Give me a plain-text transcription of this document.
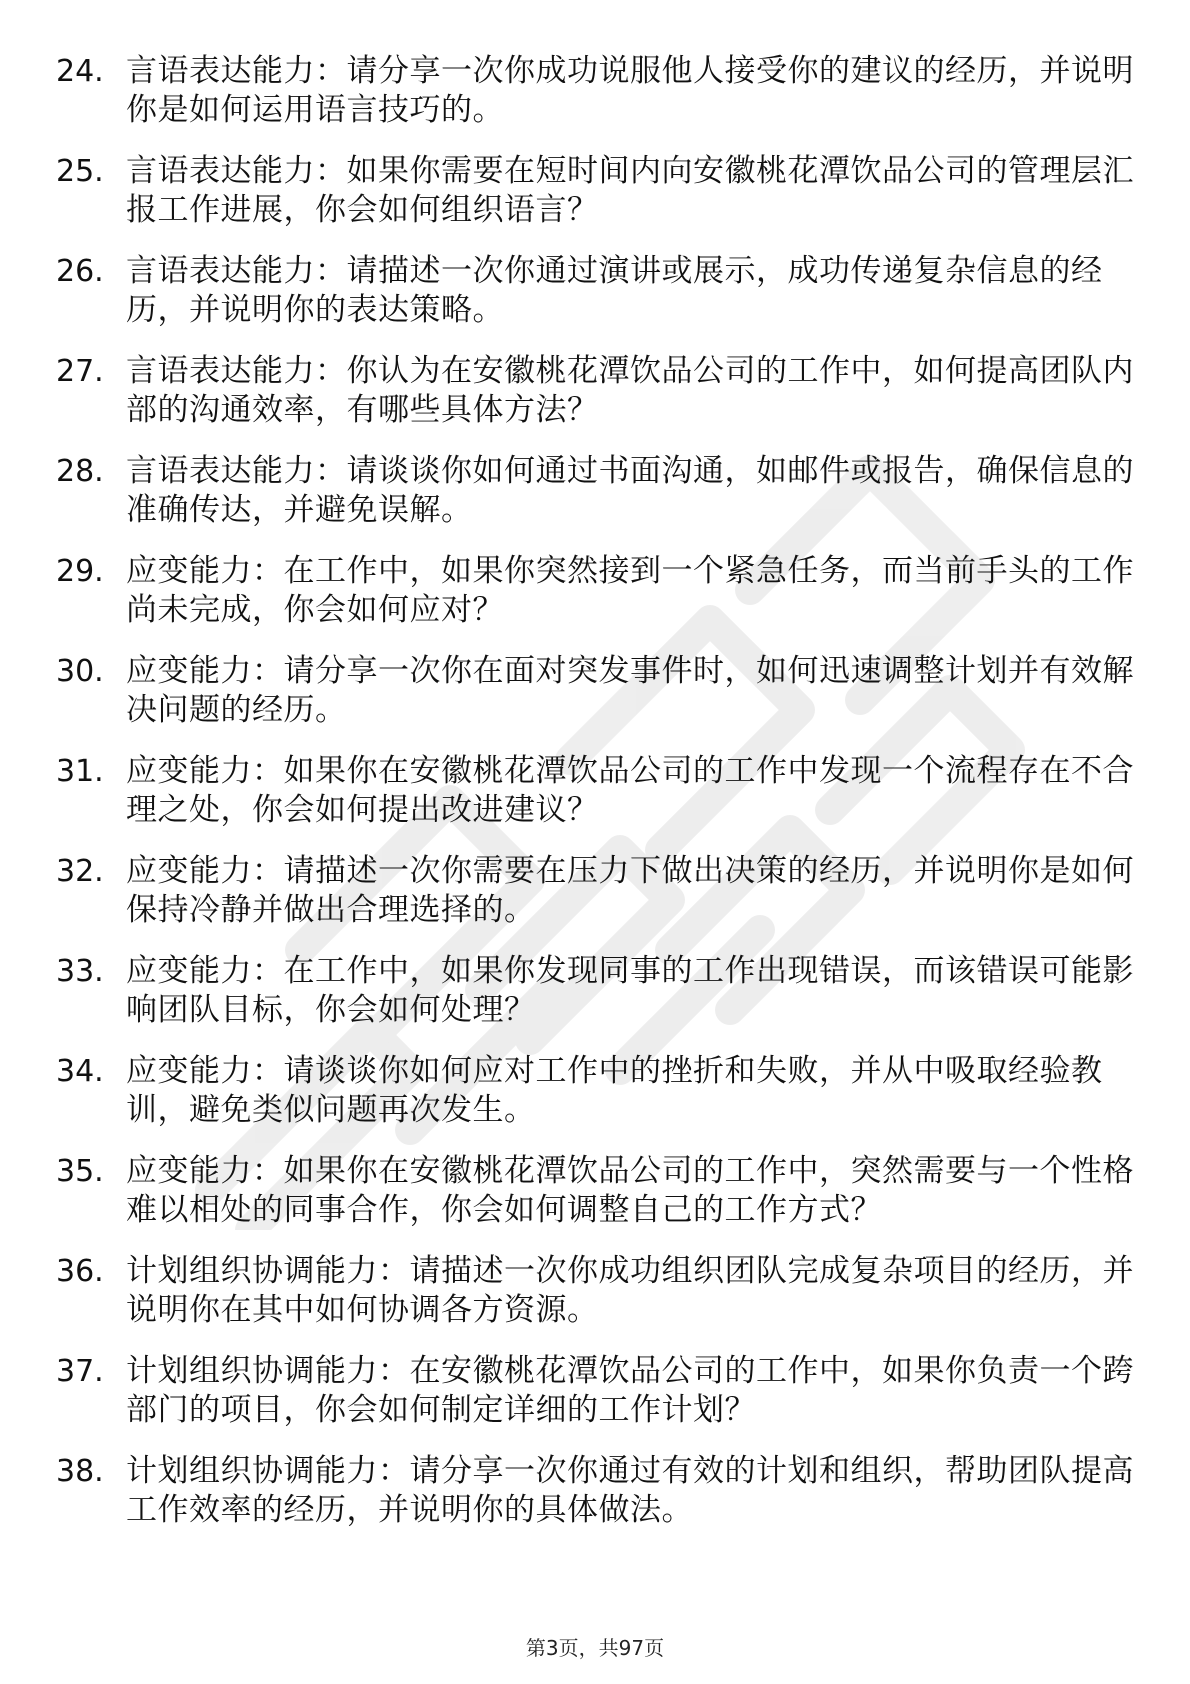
24. 言语表达能力：请分享一次你成功说服他人接受你的建议的经历，并说明你是如何运用语言技巧的。
25. 言语表达能力：如果你需要在短时间内向安徽桃花潭饮品公司的管理层汇报工作进展，你会如何组织语言？
26. 言语表达能力：请描述一次你通过演讲或展示，成功传递复杂信息的经历，并说明你的表达策略。
27. 言语表达能力：你认为在安徽桃花潭饮品公司的工作中，如何提高团队内部的沟通效率，有哪些具体方法？
28. 言语表达能力：请谈谈你如何通过书面沟通，如邮件或报告，确保信息的准确传达，并避免误解。
29. 应变能力：在工作中，如果你突然接到一个紧急任务，而当前手头的工作尚未完成，你会如何应对？
30. 应变能力：请分享一次你在面对突发事件时，如何迅速调整计划并有效解决问题的经历。
31. 应变能力：如果你在安徽桃花潭饮品公司的工作中发现一个流程存在不合理之处，你会如何提出改进建议？
32. 应变能力：请描述一次你需要在压力下做出决策的经历，并说明你是如何保持冷静并做出合理选择的。
33. 应变能力：在工作中，如果你发现同事的工作出现错误，而该错误可能影响团队目标，你会如何处理？
34. 应变能力：请谈谈你如何应对工作中的挫折和失败，并从中吸取经验教训，避免类似问题再次发生。
35. 应变能力：如果你在安徽桃花潭饮品公司的工作中，突然需要与一个性格难以相处的同事合作，你会如何调整自己的工作方式？
36. 计划组织协调能力：请描述一次你成功组织团队完成复杂项目的经历，并说明你在其中如何协调各方资源。
37. 计划组织协调能力：在安徽桃花潭饮品公司的工作中，如果你负责一个跨部门的项目，你会如何制定详细的工作计划？
38. 计划组织协调能力：请分享一次你通过有效的计划和组织，帮助团队提高工作效率的经历，并说明你的具体做法。
第3页，共97页
